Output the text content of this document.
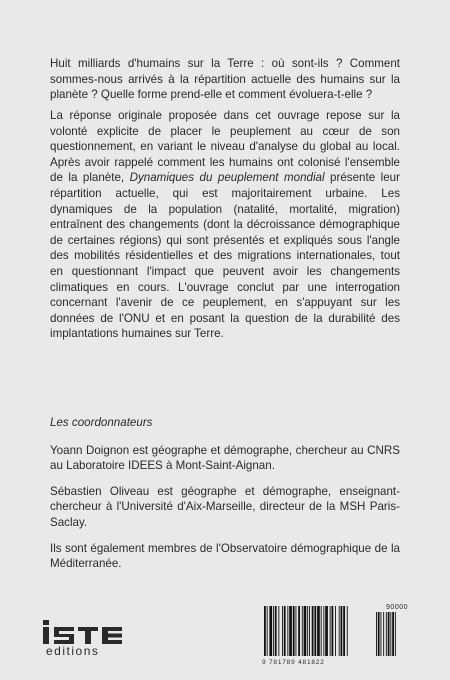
Huit milliards d'humains sur la Terre : où sont-ils ? Comment sommes-nous arrivés à la répartition actuelle des humains sur la planète ? Quelle forme prend-elle et comment évoluera-t-elle ?

La réponse originale proposée dans cet ouvrage repose sur la volonté explicite de placer le peuplement au cœur de son questionnement, en variant le niveau d'analyse du global au local. Après avoir rappelé comment les humains ont colonisé l'ensemble de la planète, Dynamiques du peuplement mondial présente leur répartition actuelle, qui est majoritairement urbaine. Les dynamiques de la population (natalité, mortalité, migration) entraînent des changements (dont la décroissance démographique de certaines régions) qui sont présentés et expliqués sous l'angle des mobilités résidentielles et des migrations internationales, tout en questionnant l'impact que peuvent avoir les changements climatiques en cours. L'ouvrage conclut par une interrogation concernant l'avenir de ce peuplement, en s'appuyant sur les données de l'ONU et en posant la question de la durabilité des implantations humaines sur Terre.

Les coordonnateurs

Yoann Doignon est géographe et démographe, chercheur au CNRS au Laboratoire IDEES à Mont-Saint-Aignan.

Sébastien Oliveau est géographe et démographe, enseignant-chercheur à l'Université d'Aix-Marseille, directeur de la MSH Paris-Saclay.

Ils sont également membres de l'Observatoire démographique de la Méditerranée.

editions
90000
9 781789 481822
